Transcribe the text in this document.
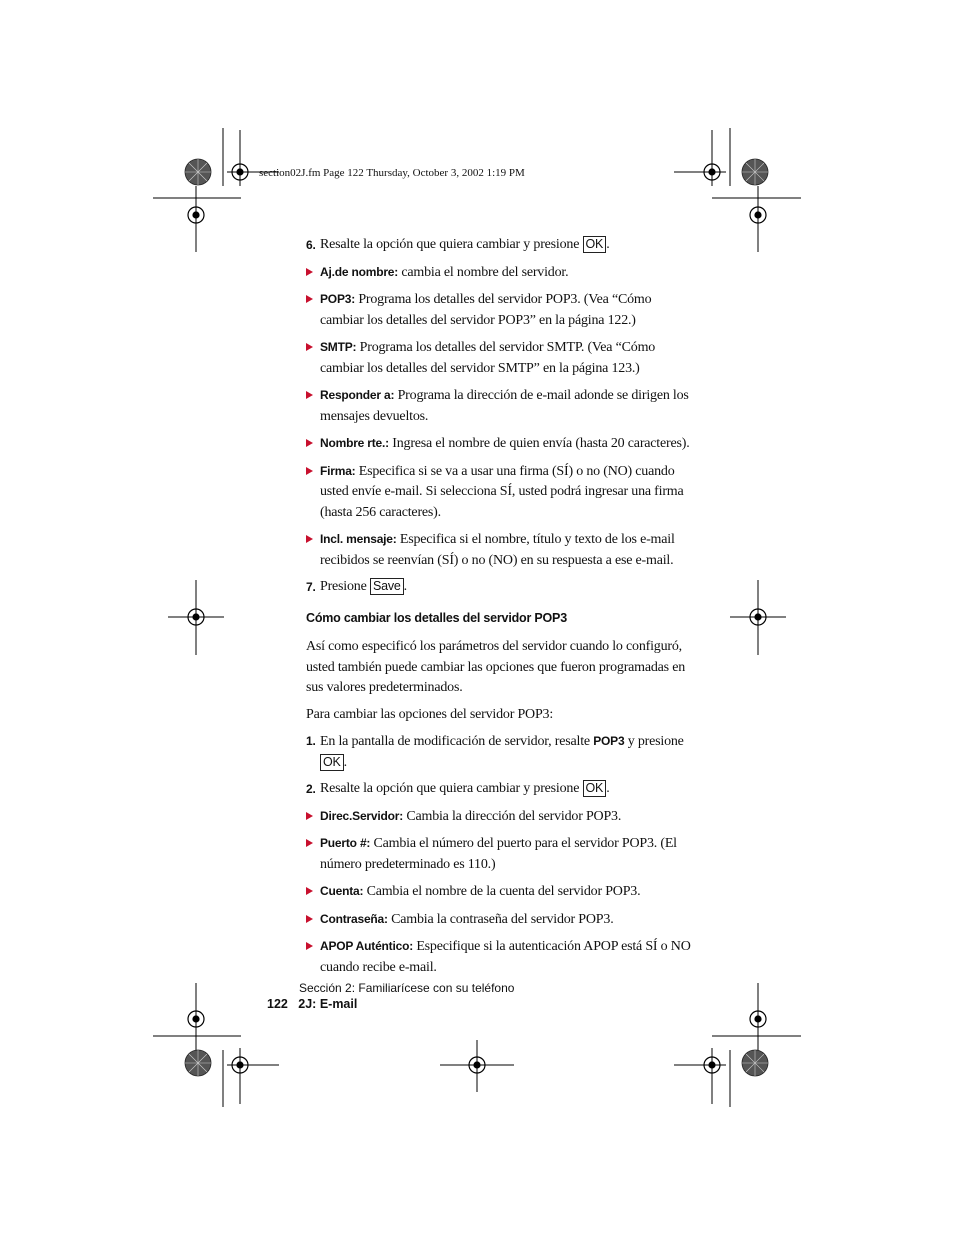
section02J.fm Page 122 Thursday, October 3, 2002 1:19 PM
6. Resalte la opción que quiera cambiar y presione OK .
Aj.de nombre: cambia el nombre del servidor.
POP3: Programa los detalles del servidor POP3. (Vea “Cómo cambiar los detalles del servidor POP3” en la página 122.)
SMTP: Programa los detalles del servidor SMTP. (Vea “Cómo cambiar los detalles del servidor SMTP” en la página 123.)
Responder a: Programa la dirección de e-mail adonde se dirigen los mensajes devueltos.
Nombre rte.: Ingresa el nombre de quien envía (hasta 20 caracteres).
Firma: Especifica si se va a usar una firma (SÍ) o no (NO) cuando usted envíe e-mail. Si selecciona SÍ, usted podrá ingresar una firma (hasta 256 caracteres).
Incl. mensaje: Especifica si el nombre, título y texto de los e-mail recibidos se reenvían (SÍ) o no (NO) en su respuesta a ese e-mail.
7. Presione Save .
Cómo cambiar los detalles del servidor POP3

Así como especificó los parámetros del servidor cuando lo configuró, usted también puede cambiar las opciones que fueron programadas en sus valores predeterminados.

Para cambiar las opciones del servidor POP3:

1. En la pantalla de modificación de servidor, resalte POP3 y presione OK .
2. Resalte la opción que quiera cambiar y presione OK .
Direc.Servidor: Cambia la dirección del servidor POP3.
Puerto #: Cambia el número del puerto para el servidor POP3. (El número predeterminado es 110.)
Cuenta: Cambia el nombre de la cuenta del servidor POP3.
Contraseña: Cambia la contraseña del servidor POP3.
APOP Auténtico: Especifique si la autenticación APOP está SÍ o NO cuando recibe e-mail.
Sección 2: Familiarícese con su teléfono
122 2J: E-mail
